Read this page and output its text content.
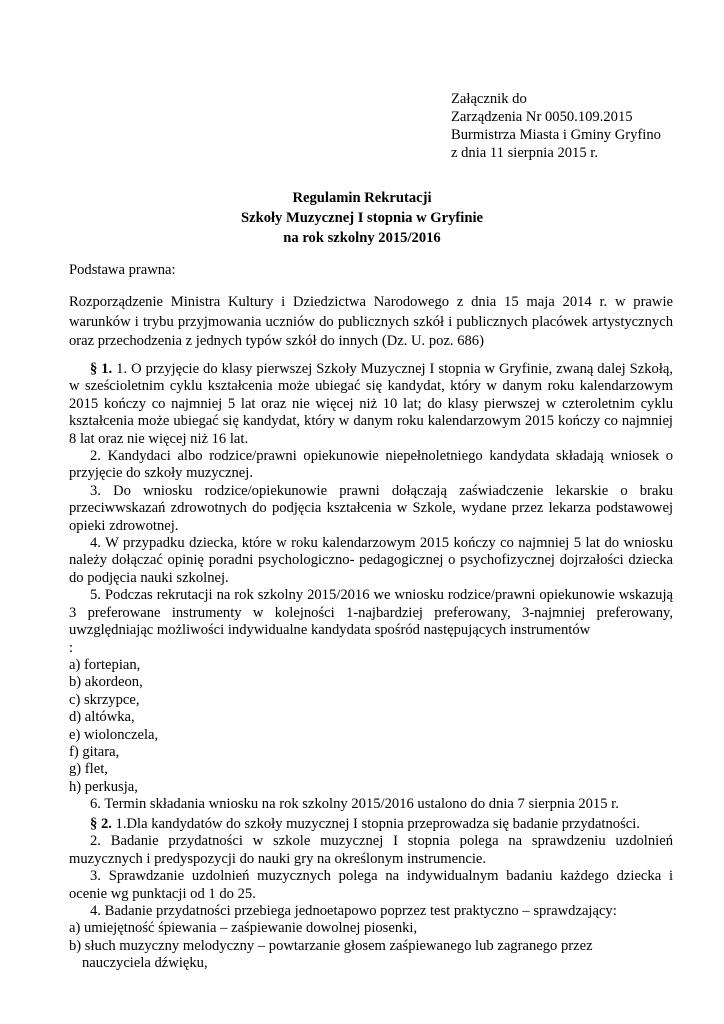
Załącznik do
Zarządzenia Nr 0050.109.2015
Burmistrza Miasta i Gminy Gryfino
z dnia 11 sierpnia 2015 r.
Regulamin Rekrutacji
Szkoły Muzycznej I stopnia w Gryfinie
na rok szkolny 2015/2016
Podstawa prawna:

Rozporządzenie Ministra Kultury i Dziedzictwa Narodowego z dnia 15 maja 2014 r. w prawie warunków i trybu przyjmowania uczniów do publicznych szkół i publicznych placówek artystycznych oraz przechodzenia z jednych typów szkół do innych (Dz. U. poz. 686)

§ 1. 1. O przyjęcie do klasy pierwszej Szkoły Muzycznej I stopnia w Gryfinie, zwaną dalej Szkołą, w sześcioletnim cyklu kształcenia może ubiegać się kandydat, który w danym roku kalendarzowym 2015 kończy co najmniej 5 lat oraz nie więcej niż 10 lat; do klasy pierwszej w czteroletnim cyklu kształcenia może ubiegać się kandydat, który w danym roku kalendarzowym 2015 kończy co najmniej 8 lat oraz nie więcej niż 16 lat.

2. Kandydaci albo rodzice/prawni opiekunowie niepełnoletniego kandydata składają wniosek o przyjęcie do szkoły muzycznej.

3. Do wniosku rodzice/opiekunowie prawni dołączają zaświadczenie lekarskie o braku przeciwwskazań zdrowotnych do podjęcia kształcenia w Szkole, wydane przez lekarza podstawowej opieki zdrowotnej.

4. W przypadku dziecka, które w roku kalendarzowym 2015 kończy co najmniej 5 lat do wniosku należy dołączać opinię poradni psychologiczno- pedagogicznej o psychofizycznej dojrzałości dziecka do podjęcia nauki szkolnej.

5. Podczas rekrutacji na rok szkolny 2015/2016 we wniosku rodzice/prawni opiekunowie wskazują 3 preferowane instrumenty w kolejności 1-najbardziej preferowany, 3-najmniej preferowany, uwzględniając możliwości indywidualne kandydata spośród następujących instrumentów

:

a) fortepian,

b) akordeon,

c) skrzypce,

d) altówka,

e) wiolonczela,

f) gitara,

g) flet,

h) perkusja,

6. Termin składania wniosku na rok szkolny 2015/2016 ustalono do dnia 7 sierpnia 2015 r.

§ 2. 1.Dla kandydatów do szkoły muzycznej I stopnia przeprowadza się badanie przydatności.

2. Badanie przydatności w szkole muzycznej I stopnia polega na sprawdzeniu uzdolnień muzycznych i predyspozycji do nauki gry na określonym instrumencie.

3. Sprawdzanie uzdolnień muzycznych polega na indywidualnym badaniu każdego dziecka i ocenie wg punktacji od 1 do 25.

4. Badanie przydatności przebiega jednoetapowo poprzez test praktyczno – sprawdzający:

a) umiejętność śpiewania – zaśpiewanie dowolnej piosenki,

b) słuch muzyczny melodyczny – powtarzanie głosem zaśpiewanego lub zagranego przez

nauczyciela dźwięku,
